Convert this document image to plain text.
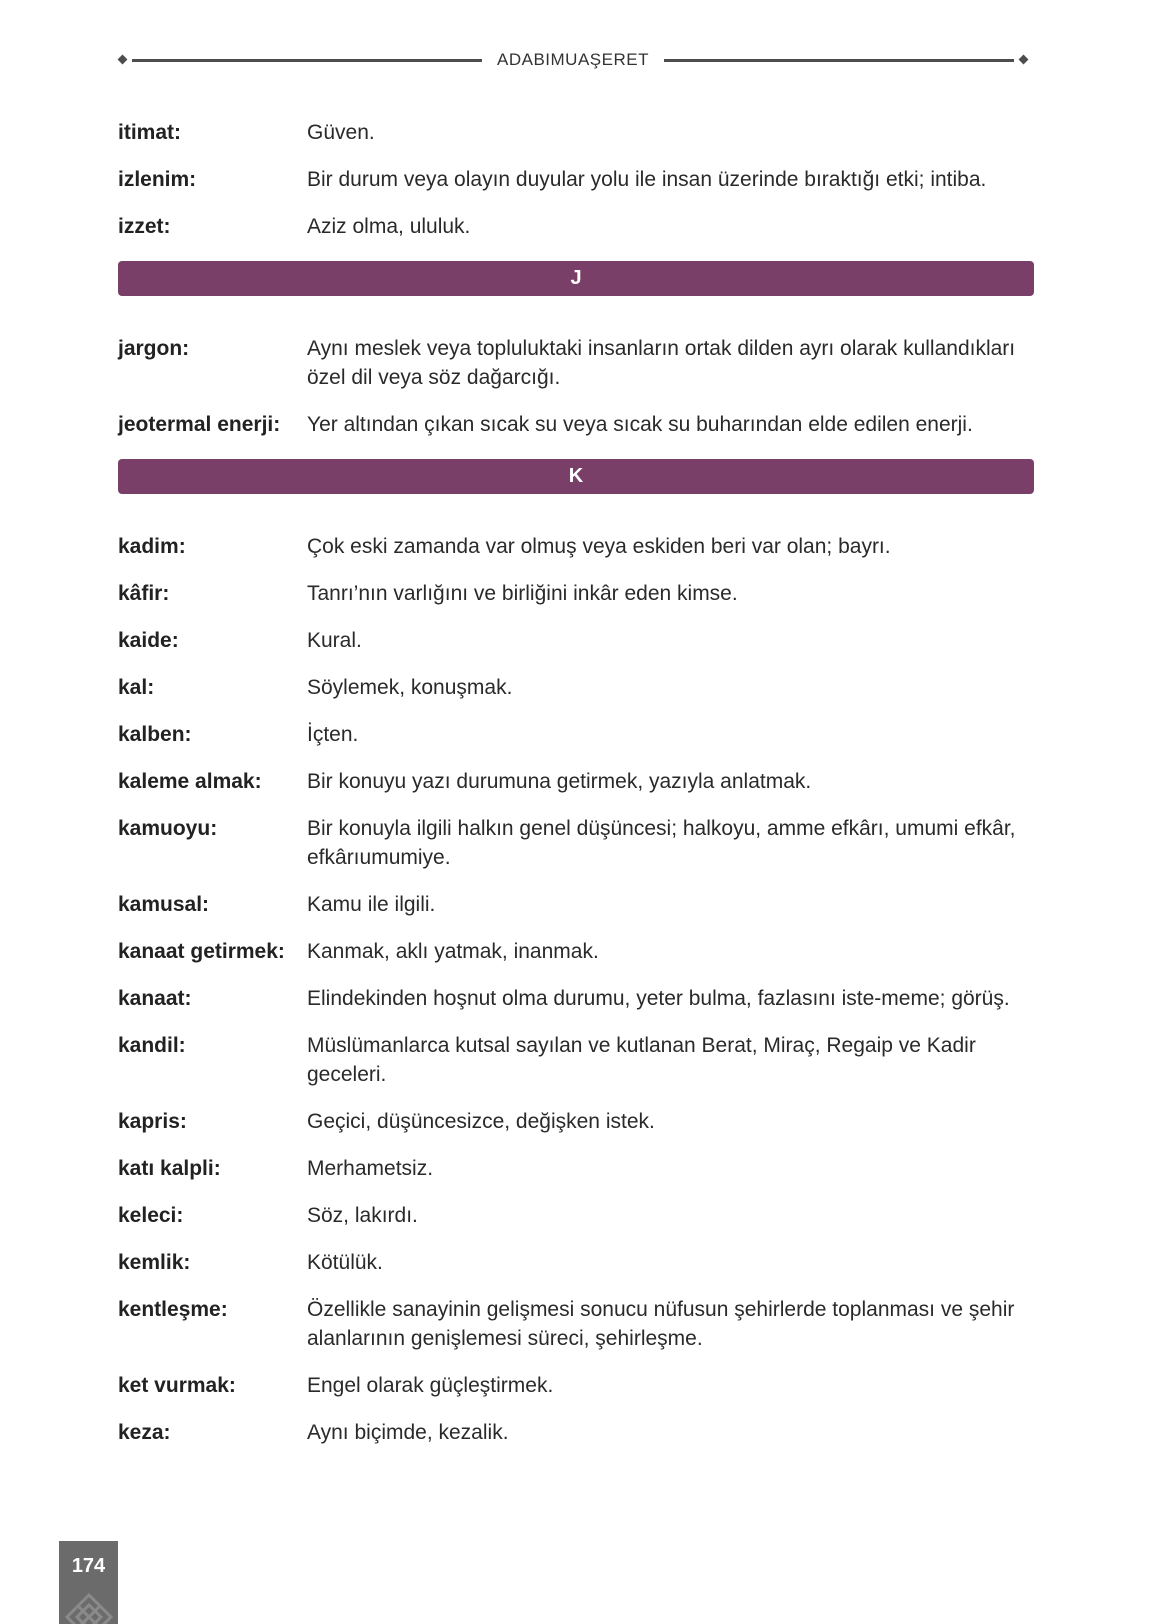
ADABIMUAŞERET
itimat:	Güven.
izlenim:	Bir durum veya olayın duyular yolu ile insan üzerinde bıraktığı etki; intiba.
izzet:	Aziz olma, ululuk.
J
jargon:	Aynı meslek veya topluluktaki insanların ortak dilden ayrı olarak kullandıkları özel dil veya söz dağarcığı.
jeotermal enerji:	Yer altından çıkan sıcak su veya sıcak su buharından elde edilen enerji.
K
kadim:	Çok eski zamanda var olmuş veya eskiden beri var olan; bayrı.
kâfir:	Tanrı’nın varlığını ve birliğini inkâr eden kimse.
kaide:	Kural.
kal:	Söylemek, konuşmak.
kalben:	İçten.
kaleme almak:	Bir konuyu yazı durumuna getirmek, yazıyla anlatmak.
kamuoyu:	Bir konuyla ilgili halkın genel düşüncesi; halkoyu, amme efkârı, umumi efkâr, efkârıumumiye.
kamusal:	Kamu ile ilgili.
kanaat getirmek:	Kanmak, aklı yatmak, inanmak.
kanaat:	Elindekinden hoşnut olma durumu, yeter bulma, fazlasını iste-meme; görüş.
kandil:	Müslümanlarca kutsal sayılan ve kutlanan Berat, Miraç, Regaip ve Kadir geceleri.
kapris:	Geçici, düşüncesizce, değişken istek.
katı kalpli:	Merhametsiz.
keleci:	Söz, lakırdı.
kemlik:	Kötülük.
kentleşme:	Özellikle sanayinin gelişmesi sonucu nüfusun şehirlerde toplanması ve şehir alanlarının genişlemesi süreci, şehirleşme.
ket vurmak:	Engel olarak güçleştirmek.
keza:	Aynı biçimde, kezalik.
174
